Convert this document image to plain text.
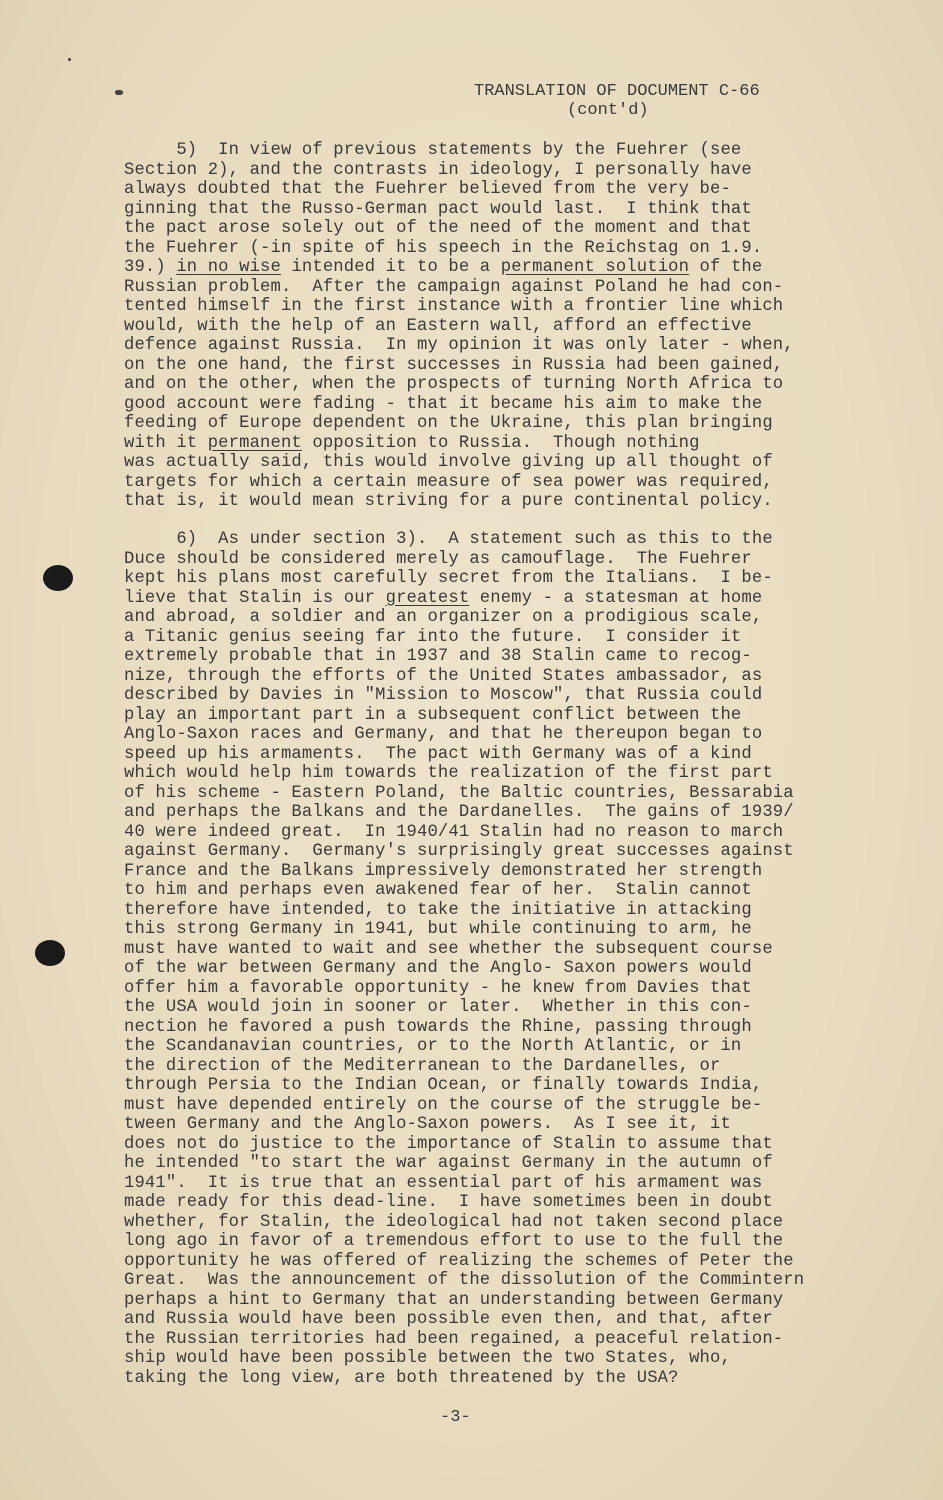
TRANSLATION OF DOCUMENT C-66
(cont'd)
5)  In view of previous statements by the Fuehrer (see
Section 2), and the contrasts in ideology, I personally have
always doubted that the Fuehrer believed from the very be-
ginning that the Russo-German pact would last.  I think that
the pact arose solely out of the need of the moment and that
the Fuehrer (-in spite of his speech in the Reichstag on 1.9.
39.) in no wise intended it to be a permanent solution of the
Russian problem.  After the campaign against Poland he had con-
tented himself in the first instance with a frontier line which
would, with the help of an Eastern wall, afford an effective
defence against Russia.  In my opinion it was only later - when,
on the one hand, the first successes in Russia had been gained,
and on the other, when the prospects of turning North Africa to
good account were fading - that it became his aim to make the
feeding of Europe dependent on the Ukraine, this plan bringing
with it permanent opposition to Russia.  Though nothing
was actually said, this would involve giving up all thought of
targets for which a certain measure of sea power was required,
that is, it would mean striving for a pure continental policy.
6)  As under section 3).  A statement such as this to the
Duce should be considered merely as camouflage.  The Fuehrer
kept his plans most carefully secret from the Italians.  I be-
lieve that Stalin is our greatest enemy - a statesman at home
and abroad, a soldier and an organizer on a prodigious scale,
a Titanic genius seeing far into the future.  I consider it
extremely probable that in 1937 and 38 Stalin came to recog-
nize, through the efforts of the United States ambassador, as
described by Davies in "Mission to Moscow", that Russia could
play an important part in a subsequent conflict between the
Anglo-Saxon races and Germany, and that he thereupon began to
speed up his armaments.  The pact with Germany was of a kind
which would help him towards the realization of the first part
of his scheme - Eastern Poland, the Baltic countries, Bessarabia
and perhaps the Balkans and the Dardanelles.  The gains of 1939/
40 were indeed great.  In 1940/41 Stalin had no reason to march
against Germany.  Germany's surprisingly great successes against
France and the Balkans impressively demonstrated her strength
to him and perhaps even awakened fear of her.  Stalin cannot
therefore have intended, to take the initiative in attacking
this strong Germany in 1941, but while continuing to arm, he
must have wanted to wait and see whether the subsequent course
of the war between Germany and the Anglo- Saxon powers would
offer him a favorable opportunity - he knew from Davies that
the USA would join in sooner or later.  Whether in this con-
nection he favored a push towards the Rhine, passing through
the Scandanavian countries, or to the North Atlantic, or in
the direction of the Mediterranean to the Dardanelles, or
through Persia to the Indian Ocean, or finally towards India,
must have depended entirely on the course of the struggle be-
tween Germany and the Anglo-Saxon powers.  As I see it, it
does not do justice to the importance of Stalin to assume that
he intended "to start the war against Germany in the autumn of
1941".  It is true that an essential part of his armament was
made ready for this dead-line.  I have sometimes been in doubt
whether, for Stalin, the ideological had not taken second place
long ago in favor of a tremendous effort to use to the full the
opportunity he was offered of realizing the schemes of Peter the
Great.  Was the announcement of the dissolution of the Commintern
perhaps a hint to Germany that an understanding between Germany
and Russia would have been possible even then, and that, after
the Russian territories had been regained, a peaceful relation-
ship would have been possible between the two States, who,
taking the long view, are both threatened by the USA?
-3-
